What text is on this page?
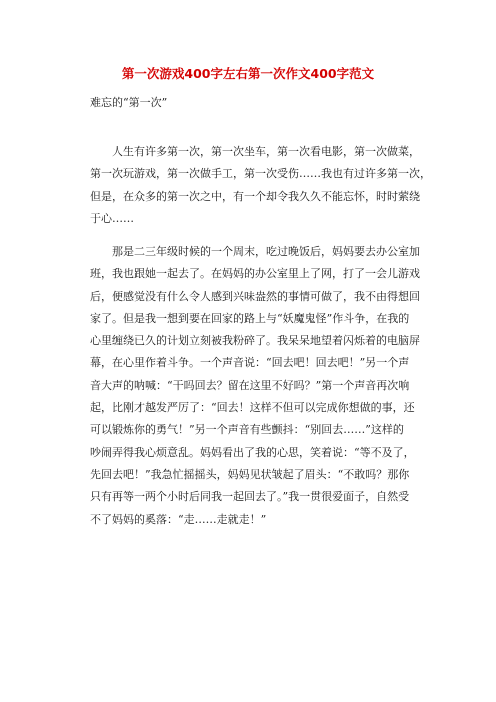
第一次游戏400字左右第一次作文400字范文
难忘的“第一次”
　　人生有许多第一次，第一次坐车，第一次看电影，第一次做菜，
第一次玩游戏，第一次做手工，第一次受伤……我也有过许多第一次，
但是，在众多的第一次之中，有一个却令我久久不能忘怀，时时萦绕
于心……
　　那是二三年级时候的一个周末，吃过晚饭后，妈妈要去办公室加
班，我也跟她一起去了。在妈妈的办公室里上了网，打了一会儿游戏
后，便感觉没有什么令人感到兴味盎然的事情可做了，我不由得想回
家了。但是我一想到要在回家的路上与“妖魔鬼怪”作斗争，在我的
心里缠绕已久的计划立刻被我粉碎了。我呆呆地望着闪烁着的电脑屏
幕，在心里作着斗争。一个声音说：“回去吧！回去吧！”另一个声
音大声的呐喊：“干吗回去？留在这里不好吗？”第一个声音再次响
起，比刚才越发严厉了：“回去！这样不但可以完成你想做的事，还
可以锻炼你的勇气！”另一个声音有些颤抖：“别回去……”这样的
吵闹弄得我心烦意乱。妈妈看出了我的心思，笑着说：“等不及了，
先回去吧！”我急忙摇摇头，妈妈见状皱起了眉头：“不敢吗？那你
只有再等一两个小时后同我一起回去了。”我一贯很爱面子，自然受
不了妈妈的奚落：“走……走就走！”
